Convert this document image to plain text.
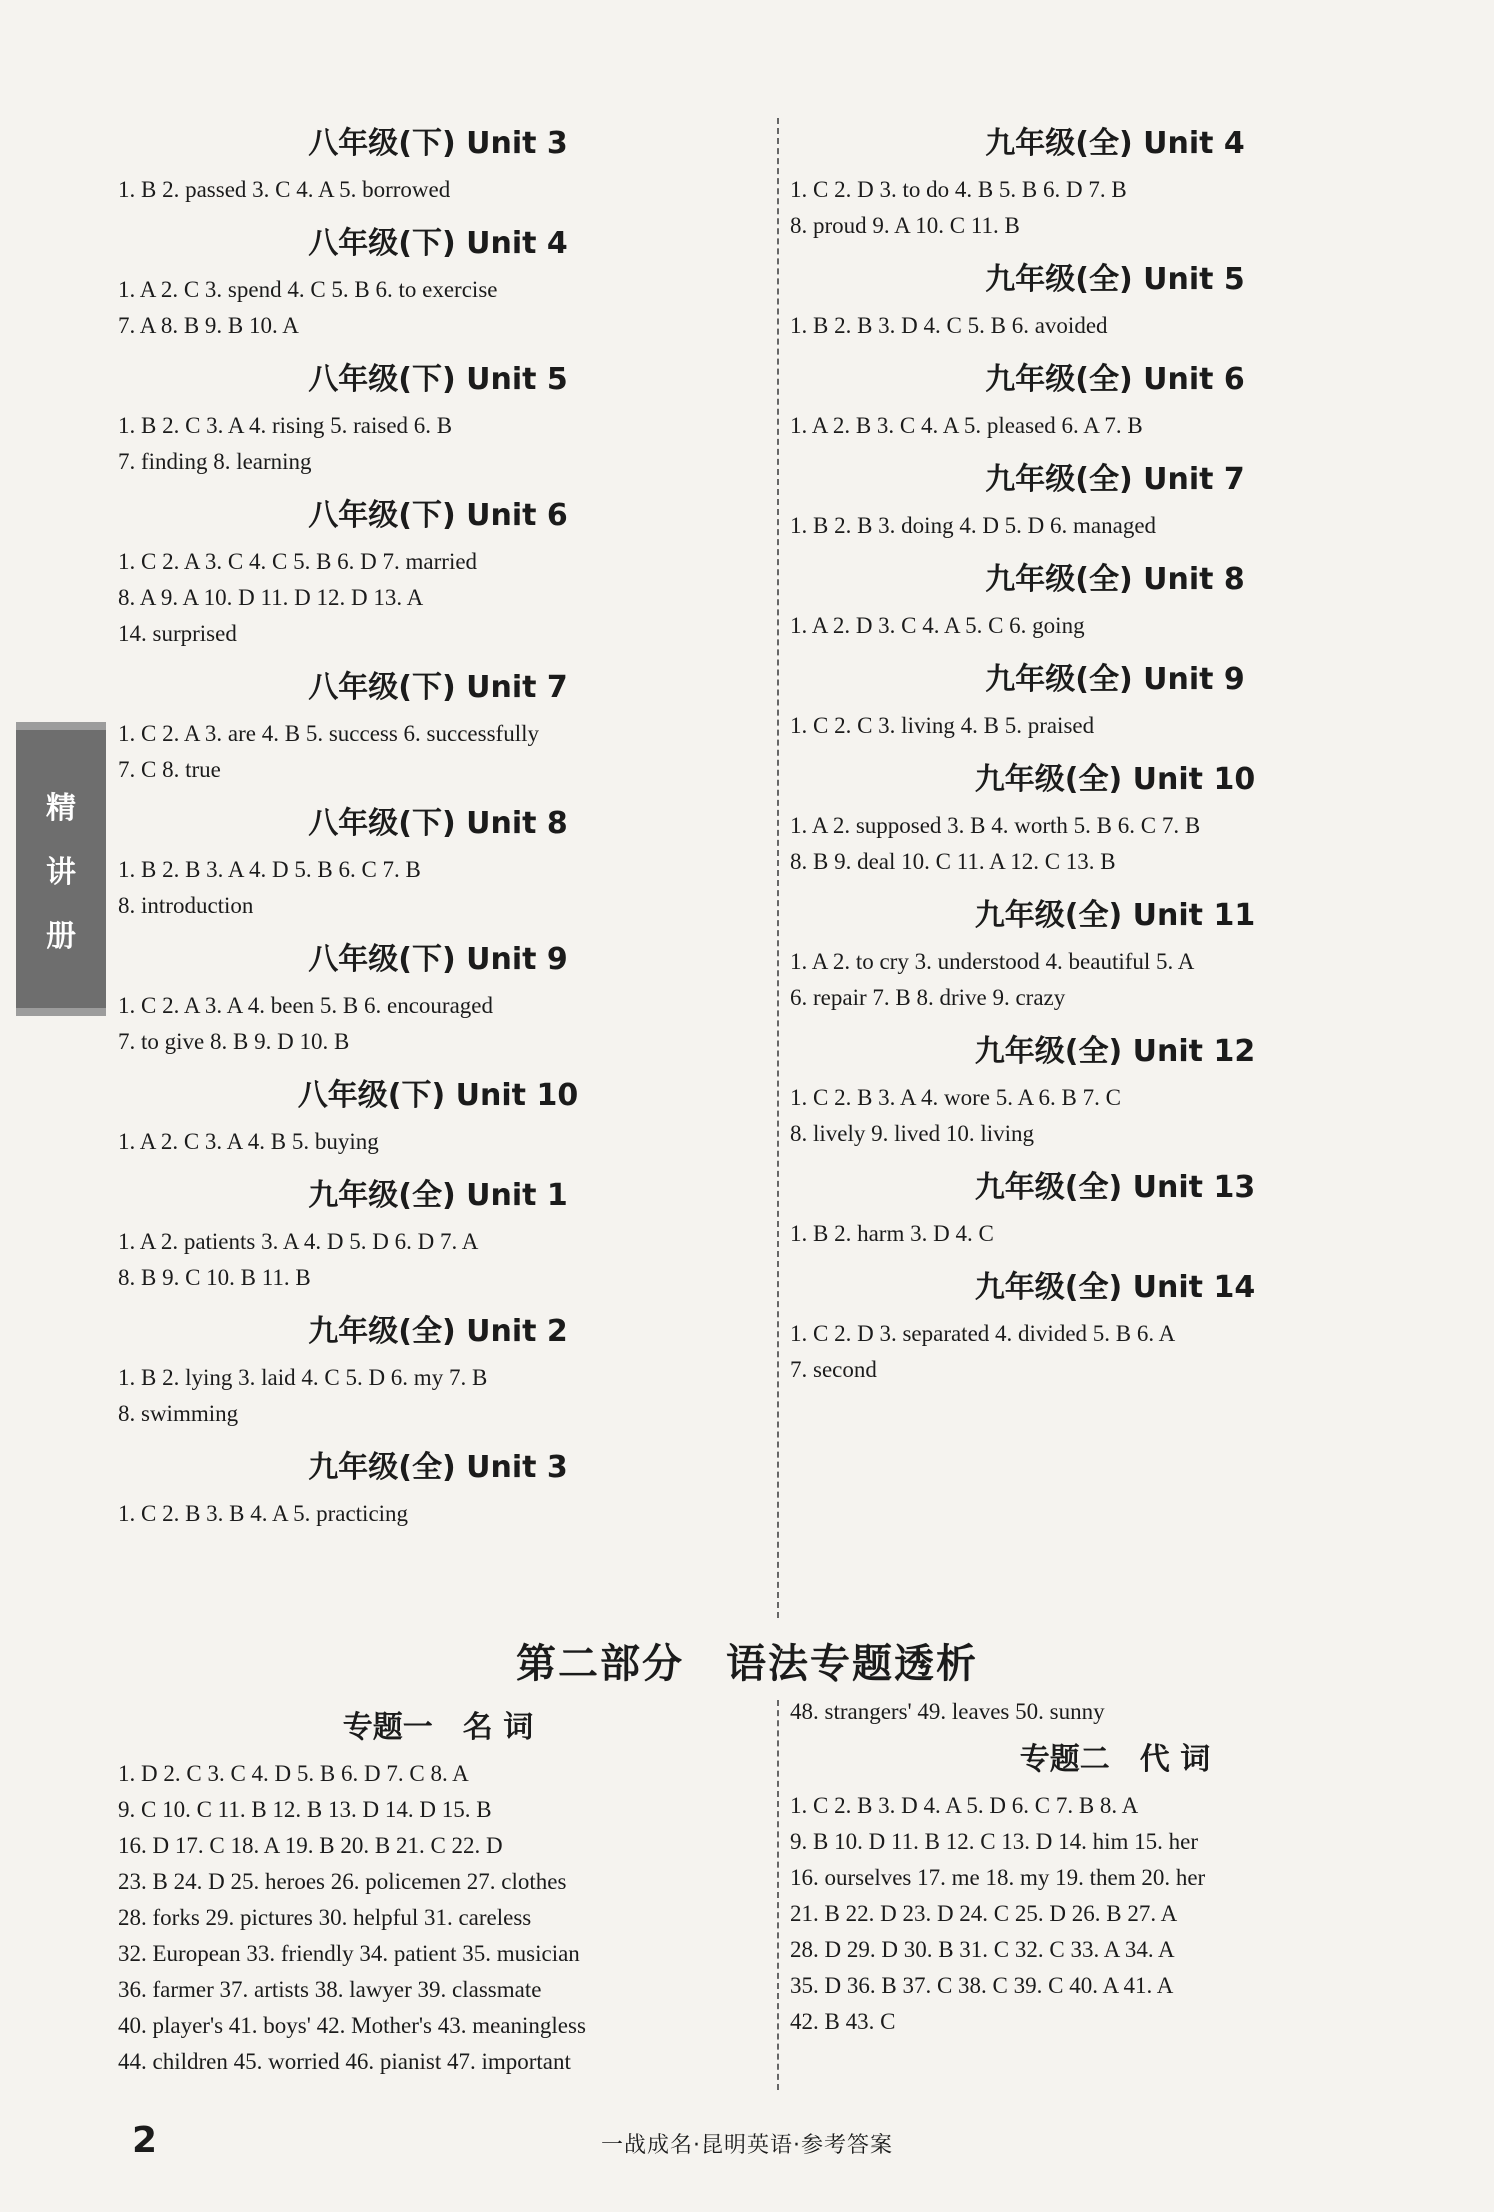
精
讲
册
八年级(下) Unit 3
1. B 2. passed 3. C 4. A 5. borrowed
八年级(下) Unit 4
1. A 2. C 3. spend 4. C 5. B 6. to exercise
7. A 8. B 9. B 10. A
八年级(下) Unit 5
1. B 2. C 3. A 4. rising 5. raised 6. B
7. finding 8. learning
八年级(下) Unit 6
1. C 2. A 3. C 4. C 5. B 6. D 7. married
8. A 9. A 10. D 11. D 12. D 13. A
14. surprised
八年级(下) Unit 7
1. C 2. A 3. are 4. B 5. success 6. successfully
7. C 8. true
八年级(下) Unit 8
1. B 2. B 3. A 4. D 5. B 6. C 7. B
8. introduction
八年级(下) Unit 9
1. C 2. A 3. A 4. been 5. B 6. encouraged
7. to give 8. B 9. D 10. B
八年级(下) Unit 10
1. A 2. C 3. A 4. B 5. buying
九年级(全) Unit 1
1. A 2. patients 3. A 4. D 5. D 6. D 7. A
8. B 9. C 10. B 11. B
九年级(全) Unit 2
1. B 2. lying 3. laid 4. C 5. D 6. my 7. B
8. swimming
九年级(全) Unit 3
1. C 2. B 3. B 4. A 5. practicing
九年级(全) Unit 4
1. C 2. D 3. to do 4. B 5. B 6. D 7. B
8. proud 9. A 10. C 11. B
九年级(全) Unit 5
1. B 2. B 3. D 4. C 5. B 6. avoided
九年级(全) Unit 6
1. A 2. B 3. C 4. A 5. pleased 6. A 7. B
九年级(全) Unit 7
1. B 2. B 3. doing 4. D 5. D 6. managed
九年级(全) Unit 8
1. A 2. D 3. C 4. A 5. C 6. going
九年级(全) Unit 9
1. C 2. C 3. living 4. B 5. praised
九年级(全) Unit 10
1. A 2. supposed 3. B 4. worth 5. B 6. C 7. B
8. B 9. deal 10. C 11. A 12. C 13. B
九年级(全) Unit 11
1. A 2. to cry 3. understood 4. beautiful 5. A
6. repair 7. B 8. drive 9. crazy
九年级(全) Unit 12
1. C 2. B 3. A 4. wore 5. A 6. B 7. C
8. lively 9. lived 10. living
九年级(全) Unit 13
1. B 2. harm 3. D 4. C
九年级(全) Unit 14
1. C 2. D 3. separated 4. divided 5. B 6. A
7. second
第二部分　语法专题透析
专题一　名 词
1. D 2. C 3. C 4. D 5. B 6. D 7. C 8. A
9. C 10. C 11. B 12. B 13. D 14. D 15. B
16. D 17. C 18. A 19. B 20. B 21. C 22. D
23. B 24. D 25. heroes 26. policemen 27. clothes
28. forks 29. pictures 30. helpful 31. careless
32. European 33. friendly 34. patient 35. musician
36. farmer 37. artists 38. lawyer 39. classmate
40. player's 41. boys' 42. Mother's 43. meaningless
44. children 45. worried 46. pianist 47. important
48. strangers' 49. leaves 50. sunny
专题二　代 词
1. C 2. B 3. D 4. A 5. D 6. C 7. B 8. A
9. B 10. D 11. B 12. C 13. D 14. him 15. her
16. ourselves 17. me 18. my 19. them 20. her
21. B 22. D 23. D 24. C 25. D 26. B 27. A
28. D 29. D 30. B 31. C 32. C 33. A 34. A
35. D 36. B 37. C 38. C 39. C 40. A 41. A
42. B 43. C
2	一战成名·昆明英语·参考答案
